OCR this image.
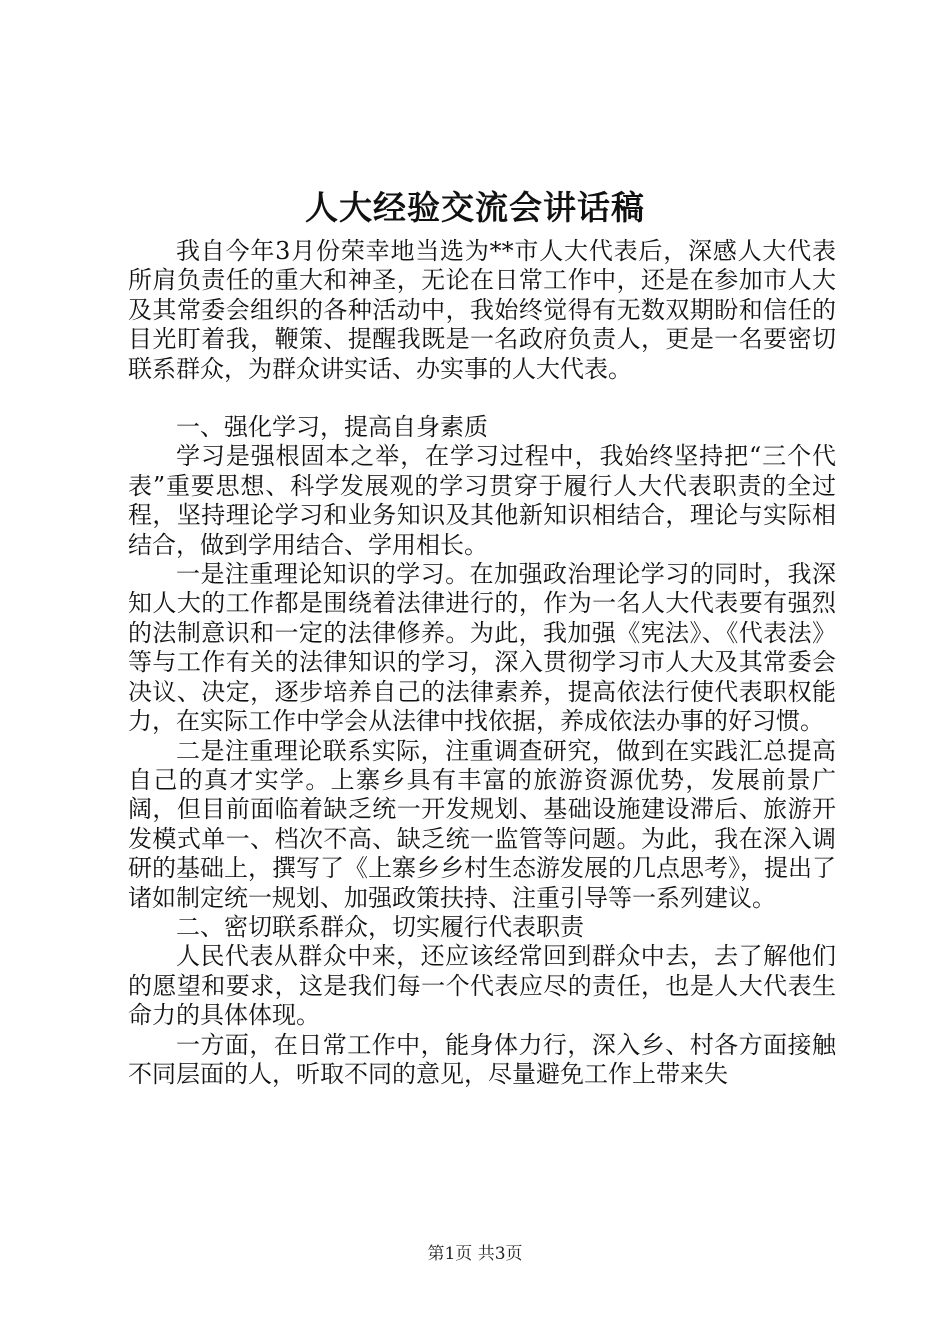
人大经验交流会讲话稿

我自今年3月份荣幸地当选为**市人大代表后，深感人大代表所肩负责任的重大和神圣，无论在日常工作中，还是在参加市人大及其常委会组织的各种活动中，我始终觉得有无数双期盼和信任的目光盯着我，鞭策、提醒我既是一名政府负责人，更是一名要密切联系群众，为群众讲实话、办实事的人大代表。

一、强化学习，提高自身素质

学习是强根固本之举，在学习过程中，我始终坚持把“三个代表”重要思想、科学发展观的学习贯穿于履行人大代表职责的全过程，坚持理论学习和业务知识及其他新知识相结合，理论与实际相结合，做到学用结合、学用相长。

一是注重理论知识的学习。在加强政治理论学习的同时，我深知人大的工作都是围绕着法律进行的，作为一名人大代表要有强烈的法制意识和一定的法律修养。为此，我加强《宪法》、《代表法》等与工作有关的法律知识的学习，深入贯彻学习市人大及其常委会决议、决定，逐步培养自己的法律素养，提高依法行使代表职权能力，在实际工作中学会从法律中找依据，养成依法办事的好习惯。

二是注重理论联系实际，注重调查研究，做到在实践汇总提高自己的真才实学。上寨乡具有丰富的旅游资源优势，发展前景广阔，但目前面临着缺乏统一开发规划、基础设施建设滞后、旅游开发模式单一、档次不高、缺乏统一监管等问题。为此，我在深入调研的基础上，撰写了《上寨乡乡村生态游发展的几点思考》，提出了诸如制定统一规划、加强政策扶持、注重引导等一系列建议。

二、密切联系群众，切实履行代表职责

人民代表从群众中来，还应该经常回到群众中去，去了解他们的愿望和要求，这是我们每一个代表应尽的责任，也是人大代表生命力的具体体现。

一方面，在日常工作中，能身体力行，深入乡、村各方面接触不同层面的人，听取不同的意见，尽量避免工作上带来失

第1页 共3页
